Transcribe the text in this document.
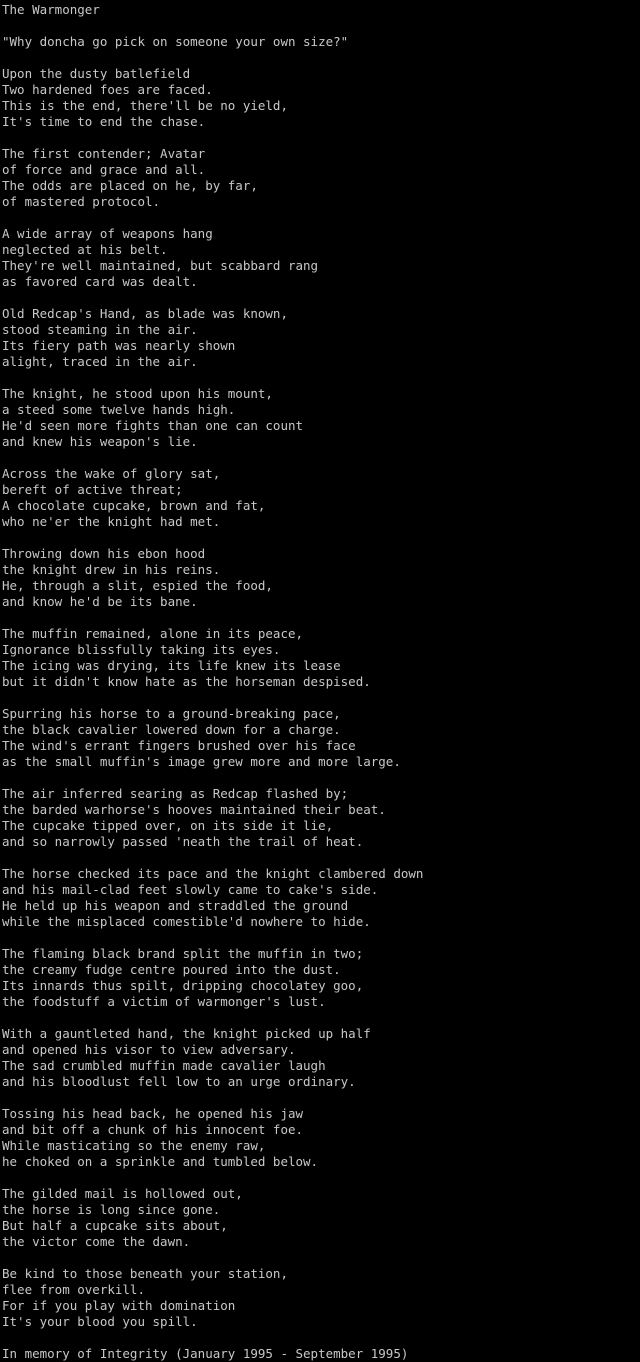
The Warmonger

"Why doncha go pick on someone your own size?"

Upon the dusty batlefield
Two hardened foes are faced.
This is the end, there'll be no yield,
It's time to end the chase.

The first contender; Avatar
of force and grace and all.
The odds are placed on he, by far,
of mastered protocol.

A wide array of weapons hang
neglected at his belt.
They're well maintained, but scabbard rang
as favored card was dealt.

Old Redcap's Hand, as blade was known,
stood steaming in the air.
Its fiery path was nearly shown
alight, traced in the air.

The knight, he stood upon his mount,
a steed some twelve hands high.
He'd seen more fights than one can count
and knew his weapon's lie.

Across the wake of glory sat,
bereft of active threat;
A chocolate cupcake, brown and fat,
who ne'er the knight had met.

Throwing down his ebon hood
the knight drew in his reins.
He, through a slit, espied the food,
and know he'd be its bane.

The muffin remained, alone in its peace,
Ignorance blissfully taking its eyes.
The icing was drying, its life knew its lease
but it didn't know hate as the horseman despised.

Spurring his horse to a ground-breaking pace,
the black cavalier lowered down for a charge.
The wind's errant fingers brushed over his face
as the small muffin's image grew more and more large.

The air inferred searing as Redcap flashed by;
the barded warhorse's hooves maintained their beat.
The cupcake tipped over, on its side it lie,
and so narrowly passed 'neath the trail of heat.

The horse checked its pace and the knight clambered down
and his mail-clad feet slowly came to cake's side.
He held up his weapon and straddled the ground
while the misplaced comestible'd nowhere to hide.

The flaming black brand split the muffin in two;
the creamy fudge centre poured into the dust.
Its innards thus spilt, dripping chocolatey goo,
the foodstuff a victim of warmonger's lust.

With a gauntleted hand, the knight picked up half
and opened his visor to view adversary.
The sad crumbled muffin made cavalier laugh
and his bloodlust fell low to an urge ordinary.

Tossing his head back, he opened his jaw
and bit off a chunk of his innocent foe.
While masticating so the enemy raw,
he choked on a sprinkle and tumbled below.

The gilded mail is hollowed out,
the horse is long since gone.
But half a cupcake sits about,
the victor come the dawn.

Be kind to those beneath your station,
flee from overkill.
For if you play with domination
It's your blood you spill.

In memory of Integrity (January 1995 - September 1995)
